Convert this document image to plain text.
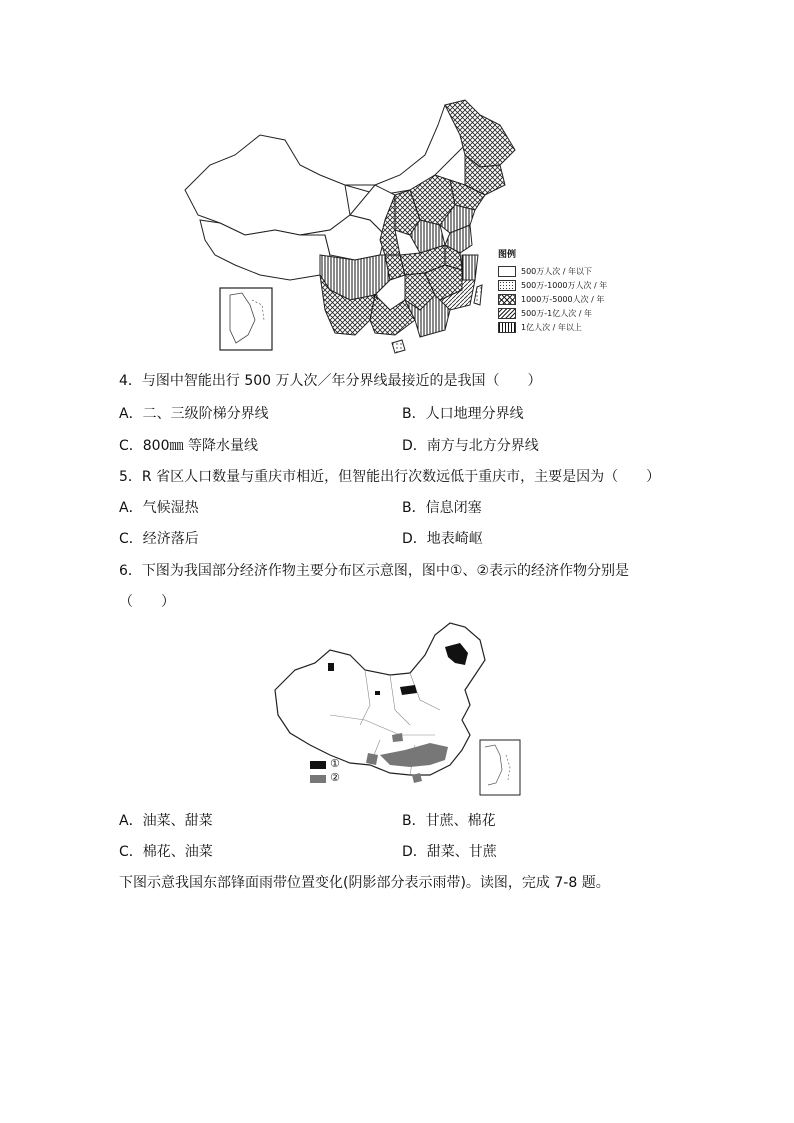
R
图例
500万人次 / 年以下
500万-1000万人次 / 年
1000万-5000人次 / 年
500万-1亿人次 / 年
1亿人次 / 年以上
4．与图中智能出行 500 万人次／年分界线最接近的是我国（　　）
A．二、三级阶梯分界线	B．人口地理分界线
C．800㎜ 等降水量线	D．南方与北方分界线
5．R 省区人口数量与重庆市相近，但智能出行次数远低于重庆市，主要是因为（　　）
A．气候湿热	B．信息闭塞
C．经济落后	D．地表崎岖
6．下图为我国部分经济作物主要分布区示意图，图中①、②表示的经济作物分别是
（　　）
①
②
A．油菜、甜菜	B．甘蔗、棉花
C．棉花、油菜	D．甜菜、甘蔗
下图示意我国东部锋面雨带位置变化(阴影部分表示雨带)。读图，完成 7-8 题。
